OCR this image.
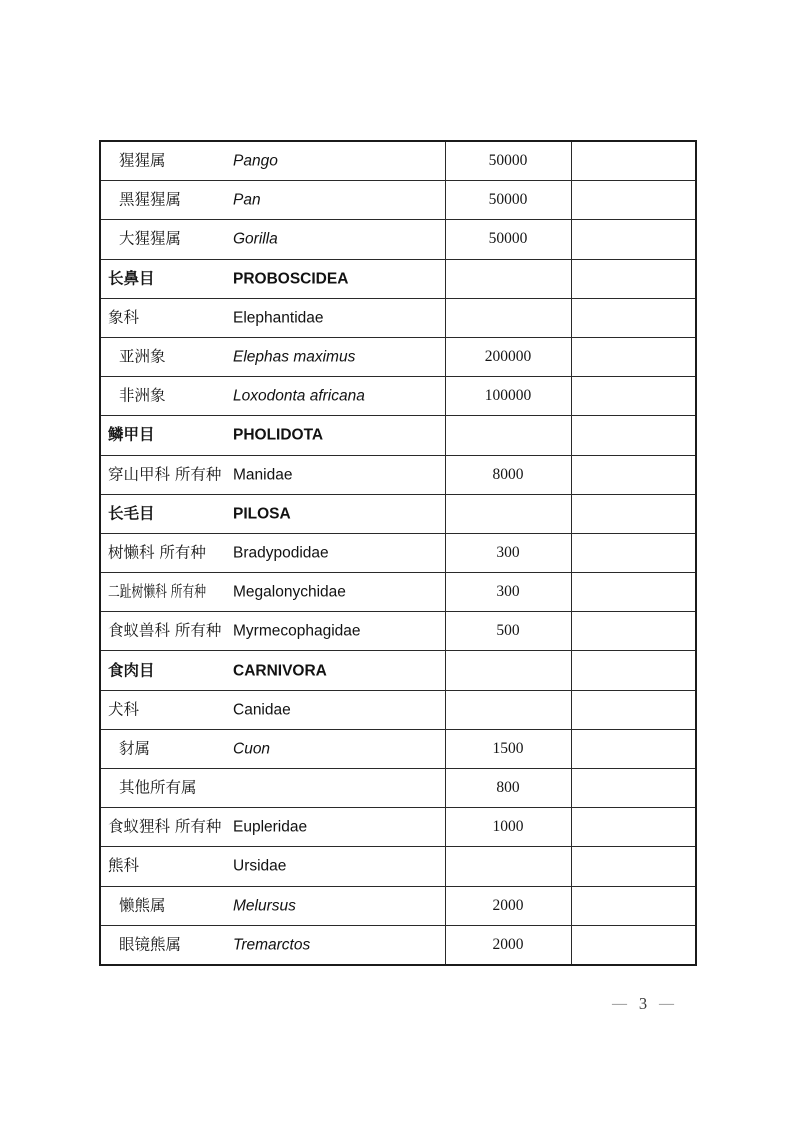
猩猩属 Pango	50000	

黑猩猩属 Pan	50000	

大猩猩属 Gorilla	50000	

长鼻目 PROBOSCIDEA		

象科 Elephantidae		

亚洲象 Elephas maximus	200000	

非洲象 Loxodonta africana	100000	

鳞甲目 PHOLIDOTA		

穿山甲科 所有种 Manidae	8000	

长毛目 PILOSA		

树懒科 所有种 Bradypodidae	300	

二趾树懒科 所有种 Megalonychidae	300	

食蚁兽科 所有种 Myrmecophagidae	500	

食肉目 CARNIVORA		

犬科 Canidae		

豺属 Cuon	1500	

其他所有属	800	

食蚁狸科 所有种 Eupleridae	1000	

熊科 Ursidae		

懒熊属 Melursus	2000	

眼镜熊属 Tremarctos	2000	
— 3 —
